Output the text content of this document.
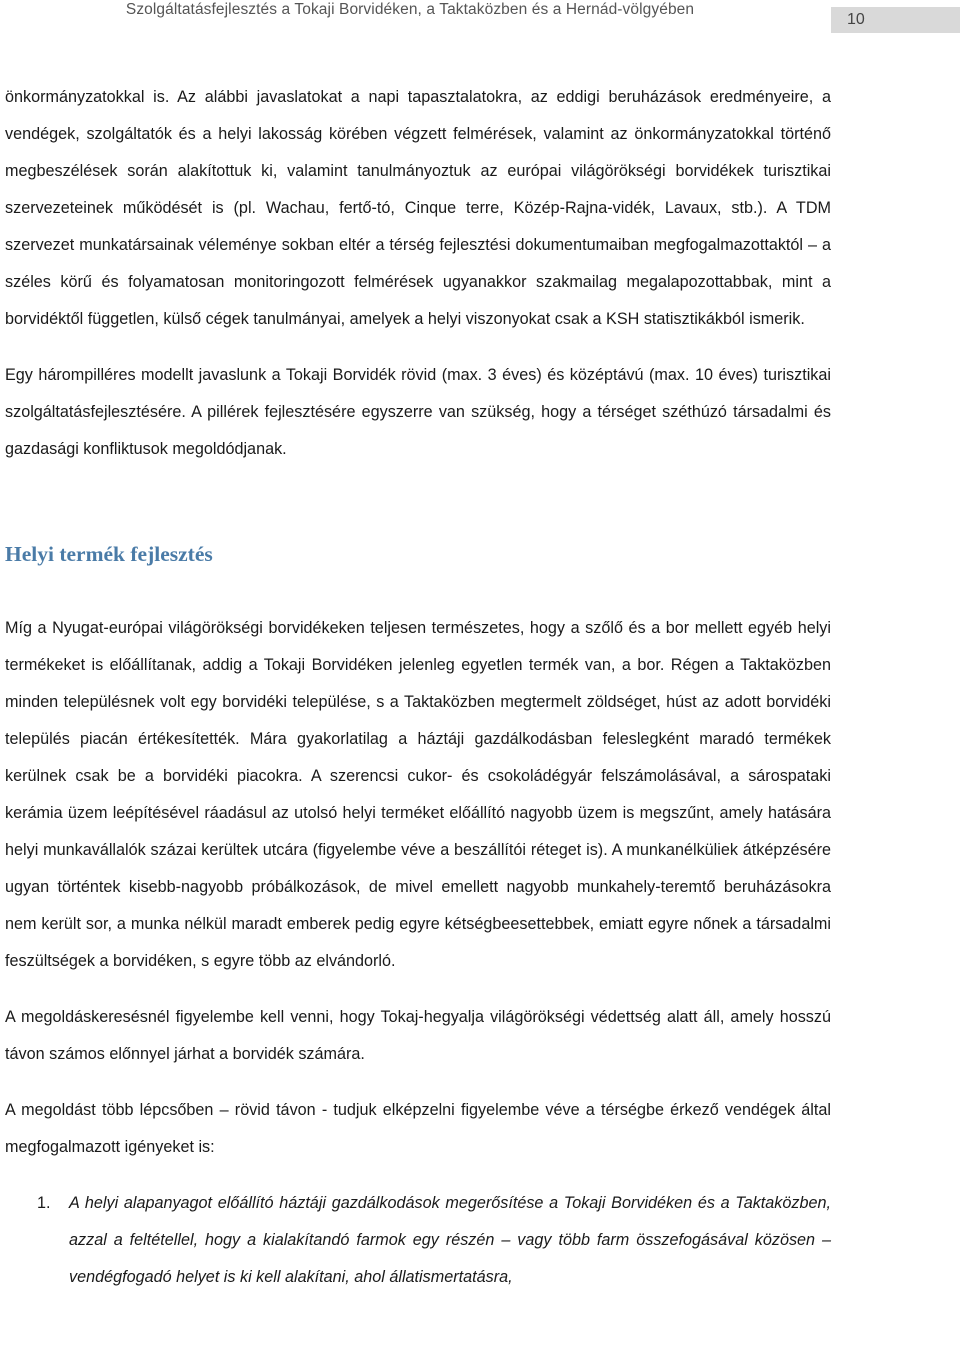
Szolgáltatásfejlesztés a Tokaji Borvidéken, a Taktaközben és a Hernád-völgyében
10

önkormányzatokkal is. Az alábbi javaslatokat a napi tapasztalatokra, az eddigi beruházások eredményeire, a vendégek, szolgáltatók és a helyi lakosság körében végzett felmérések, valamint az önkormányzatokkal történő megbeszélések során alakítottuk ki, valamint tanulmányoztuk az európai világörökségi borvidékek turisztikai szervezeteinek működését is (pl. Wachau, fertő-tó, Cinque terre, Közép-Rajna-vidék, Lavaux, stb.). A TDM szervezet munkatársainak véleménye sokban eltér a térség fejlesztési dokumentumaiban megfogalmazottaktól – a széles körű és folyamatosan monitoringozott felmérések ugyanakkor szakmailag megalapozottabbak, mint a borvidéktől független, külső cégek tanulmányai, amelyek a helyi viszonyokat csak a KSH statisztikákból ismerik.

Egy hárompilléres modellt javaslunk a Tokaji Borvidék rövid (max. 3 éves) és középtávú (max. 10 éves) turisztikai szolgáltatásfejlesztésére. A pillérek fejlesztésére egyszerre van szükség, hogy a térséget széthúzó társadalmi és gazdasági konfliktusok megoldódjanak.

Helyi termék fejlesztés

Míg a Nyugat-európai világörökségi borvidékeken teljesen természetes, hogy a szőlő és a bor mellett egyéb helyi termékeket is előállítanak, addig a Tokaji Borvidéken jelenleg egyetlen termék van, a bor. Régen a Taktaközben minden településnek volt egy borvidéki települése, s a Taktaközben megtermelt zöldséget, húst az adott borvidéki település piacán értékesítették. Mára gyakorlatilag a háztáji gazdálkodásban feleslegként maradó termékek kerülnek csak be a borvidéki piacokra. A szerencsi cukor- és csokoládégyár felszámolásával, a sárospataki kerámia üzem leépítésével ráadásul az utolsó helyi terméket előállító nagyobb üzem is megszűnt, amely hatására helyi munkavállalók százai kerültek utcára (figyelembe véve a beszállítói réteget is). A munkanélküliek átképzésére ugyan történtek kisebb-nagyobb próbálkozások, de mivel emellett nagyobb munkahely-teremtő beruházásokra nem került sor, a munka nélkül maradt emberek pedig egyre kétségbeesettebbek, emiatt egyre nőnek a társadalmi feszültségek a borvidéken, s egyre több az elvándorló.

A megoldáskeresésnél figyelembe kell venni, hogy Tokaj-hegyalja világörökségi védettség alatt áll, amely hosszú távon számos előnnyel járhat a borvidék számára.

A megoldást több lépcsőben – rövid távon - tudjuk elképzelni figyelembe véve a térségbe érkező vendégek által megfogalmazott igényeket is:

1. A helyi alapanyagot előállító háztáji gazdálkodások megerősítése a Tokaji Borvidéken és a Taktaközben, azzal a feltétellel, hogy a kialakítandó farmok egy részén – vagy több farm összefogásával közösen – vendégfogadó helyet is ki kell alakítani, ahol állatismertatásra,
